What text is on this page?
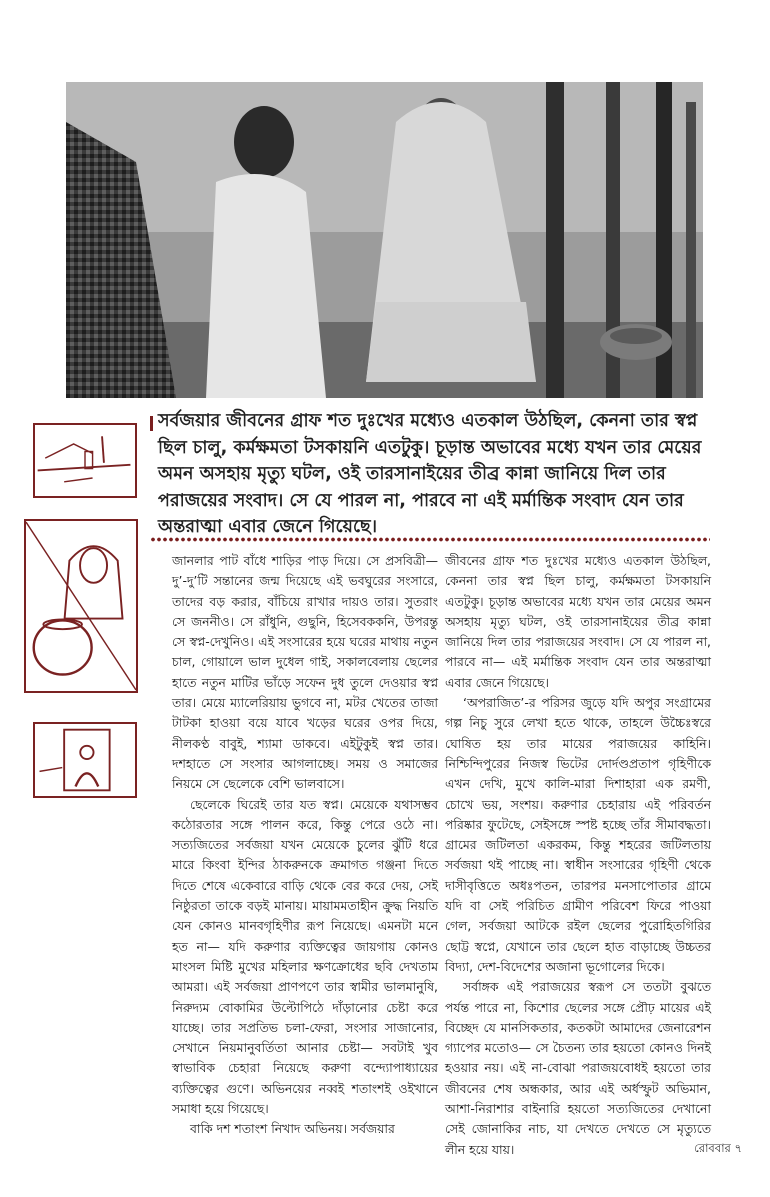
সর্বজয়ার জীবনের গ্রাফ শত দুঃখের মধ্যেও এতকাল উঠছিল, কেননা তার স্বপ্ন ছিল চালু, কর্মক্ষমতা টসকায়নি এতটুকু। চূড়ান্ত অভাবের মধ্যে যখন তার মেয়ের অমন অসহায় মৃত্যু ঘটল, ওই তারসানাইয়ের তীব্র কান্না জানিয়ে দিল তার পরাজয়ের সংবাদ। সে যে পারল না, পারবে না এই মর্মান্তিক সংবাদ যেন তার অন্তরাত্মা এবার জেনে গিয়েছে।

জানলার পাট বাঁধে শাড়ির পাড় দিয়ে। সে প্রসবিত্রী— দু’-দু’টি সন্তানের জন্ম দিয়েছে এই ভবঘুরের সংসারে, তাদের বড় করার, বাঁচিয়ে রাখার দায়ও তার। সুতরাং সে জননীও। সে রাঁধুনি, গুছুনি, হিসেবককনি, উপরন্তু সে স্বপ্ন-দেখুনিও। এই সংসারের হয়ে ঘরের মাথায় নতুন চাল, গোয়ালে ভাল দুধেল গাই, সকালবেলায় ছেলের হাতে নতুন মাটির ভাঁড়ে সফেন দুধ তুলে দেওয়ার স্বপ্ন তার। মেয়ে ম্যালেরিয়ায় ভুগবে না, মটর খেতের তাজা টাটকা হাওয়া বয়ে যাবে খড়ের ঘরের ওপর দিয়ে, নীলকণ্ঠ বাবুই, শ্যামা ডাকবে। এইটুকুই স্বপ্ন তার। দশহাতে সে সংসার আগলাচ্ছে। সময় ও সমাজের নিয়মে সে ছেলেকে বেশি ভালবাসে।

ছেলেকে ঘিরেই তার যত স্বপ্ন। মেয়েকে যথাসম্ভব কঠোরতার সঙ্গে পালন করে, কিন্তু পেরে ওঠে না। সত্যজিতের সর্বজয়া যখন মেয়েকে চুলের ঝুঁটি ধরে মারে কিংবা ইন্দির ঠাকরুনকে ক্রমাগত গঞ্জনা দিতে দিতে শেষে একেবারে বাড়ি থেকে বের করে দেয়, সেই নিষ্ঠুরতা তাকে বড়ই মানায়। মায়ামমতাহীন ক্রুদ্ধ নিয়তি যেন কোনও মানবগৃহিণীর রূপ নিয়েছে। এমনটা মনে হত না— যদি করুণার ব্যক্তিত্বের জায়গায় কোনও মাংসল মিষ্টি মুখের মহিলার ক্ষণক্রোধের ছবি দেখতাম আমরা। এই সর্বজয়া প্রাণপণে তার স্বামীর ভালমানুষি, নিরুদ্যম বোকামির উল্টোপিঠে দাঁড়ানোর চেষ্টা করে যাচ্ছে। তার সপ্রতিভ চলা-ফেরা, সংসার সাজানোর, সেখানে নিয়মানুবর্তিতা আনার চেষ্টা— সবটাই খুব স্বাভাবিক চেহারা নিয়েছে করুণা বন্দ্যোপাধ্যায়ের ব্যক্তিত্বের গুণে। অভিনয়ের নব্বই শতাংশই ওইখানে সমাধা হয়ে গিয়েছে।

বাকি দশ শতাংশ নিখাদ অভিনয়। সর্বজয়ার

জীবনের গ্রাফ শত দুঃখের মধ্যেও এতকাল উঠছিল, কেননা তার স্বপ্ন ছিল চালু, কর্মক্ষমতা টসকায়নি এতটুকু। চূড়ান্ত অভাবের মধ্যে যখন তার মেয়ের অমন অসহায় মৃত্যু ঘটল, ওই তারসানাইয়ের তীব্র কান্না জানিয়ে দিল তার পরাজয়ের সংবাদ। সে যে পারল না, পারবে না— এই মর্মান্তিক সংবাদ যেন তার অন্তরাত্মা এবার জেনে গিয়েছে।

‘অপরাজিত’-র পরিসর জুড়ে যদি অপুর সংগ্রামের গল্প নিচু সুরে লেখা হতে থাকে, তাহলে উচ্চৈঃস্বরে ঘোষিত হয় তার মায়ের পরাজয়ের কাহিনি। নিশ্চিন্দিপুরের নিজস্ব ভিটের দোর্দণ্ডপ্রতাপ গৃহিণীকে এখন দেখি, মুখে কালি-মারা দিশাহারা এক রমণী, চোখে ভয়, সংশয়। করুণার চেহারায় এই পরিবর্তন পরিষ্কার ফুটেছে, সেইসঙ্গে স্পষ্ট হচ্ছে তাঁর সীমাবদ্ধতা। গ্রামের জটিলতা একরকম, কিন্তু শহরের জটিলতায় সর্বজয়া থই পাচ্ছে না। স্বাধীন সংসারের গৃহিণী থেকে দাসীবৃত্তিতে অধঃপতন, তারপর মনসাপোতার গ্রামে যদি বা সেই পরিচিত গ্রামীণ পরিবেশ ফিরে পাওয়া গেল, সর্বজয়া আটকে রইল ছেলের পুরোহিতগিরির ছোট্ট স্বপ্নে, যেখানে তার ছেলে হাত বাড়াচ্ছে উচ্চতর বিদ্যা, দেশ-বিদেশের অজানা ভূগোলের দিকে।

সর্বাঙ্গক এই পরাজয়ের স্বরূপ সে ততটা বুঝতে পর্যন্ত পারে না, কিশোর ছেলের সঙ্গে প্রৌঢ় মায়ের এই বিচ্ছেদ যে মানসিকতার, কতকটা আমাদের জেনারেশন গ্যাপের মতোও— সে চৈতন্য তার হয়তো কোনও দিনই হওয়ার নয়। এই না-বোঝা পরাজয়বোধই হয়তো তার জীবনের শেষ অন্ধকার, আর এই অর্ধস্ফুট অভিমান, আশা-নিরাশার বাইনারি হয়তো সত্যজিতের দেখানো সেই জোনাকির নাচ, যা দেখতে দেখতে সে মৃত্যুতে লীন হয়ে যায়।	রোববার ৭
